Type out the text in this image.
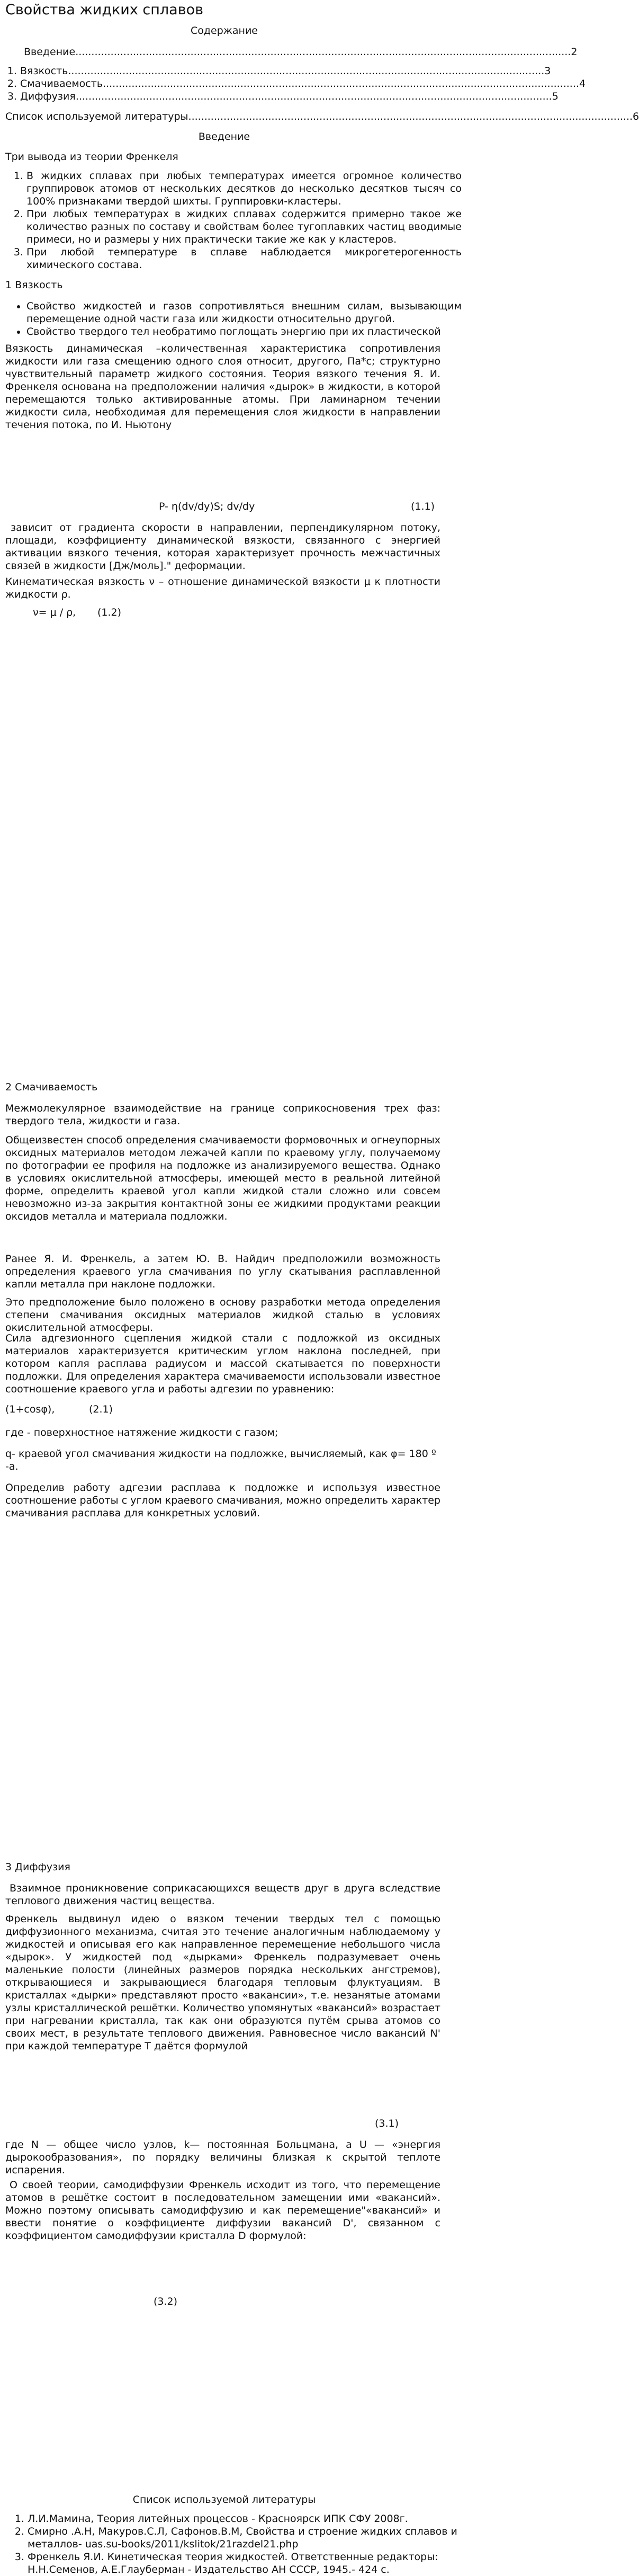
Свойства жидких сплавов
Содержание
Введение ........................................................................................................................................................... 2
1. Вязкость ..................................................................................................................................................... 3
2. Смачиваемость ..................................................................................................................................................... 4
3. Диффузия ..................................................................................................................................................... 5
Список используемой литературы ........................................................................................................................................... 6
Введение
Три вывода из теории Френкеля
1. В жидких сплавах при любых температурах имеется огромное количество группировок атомов от нескольких десятков до несколько десятков тысяч со 100% признаками твердой шихты. Группировки-кластеры.
2. При любых температурах в жидких сплавах содержится примерно такое же количество разных по составу и свойствам более тугоплавких частиц вводимые примеси, но и размеры у них практически такие же как у кластеров.
3. При любой температуре в сплаве наблюдается микрогетерогенность химического состава.
1 Вязкость
• Свойство жидкостей и газов сопротивляться внешним силам, вызывающим перемещение одной части газа или жидкости относительно другой.
• Свойство твердого тел необратимо поглощать энергию при их пластической

Вязкость динамическая –количественная характеристика сопротивления жидкости или газа смещению одного слоя относит, другого, Па*с; структурно чувствительный параметр жидкого состояния. Теория вязкого течения Я. И. Френкеля основана на предположении наличия «дырок» в жидкости, в которой перемещаются только активированные атомы. При ламинарном течении жидкости сила, необходимая для перемещения слоя жидкости в направлении течения потока, по И. Ньютону

P- η(dv/dy)S; dv/dy	(1.1)

зависит от градиента скорости в направлении, перпендикулярном потоку, площади, коэффициенту динамической вязкости, связанного с энергией активации вязкого течения, которая характеризует прочность межчастичных связей в жидкости [Дж/моль]." деформации.

Кинематическая вязкость ν – отношение динамической вязкости μ к плотности жидкости ρ.

ν= μ / ρ, (1.2)
2 Смачиваемость

Межмолекулярное взаимодействие на границе соприкосновения трех фаз: твердого тела, жидкости и газа.

Общеизвестен способ определения смачиваемости формовочных и огнеупорных оксидных материалов методом лежачей капли по краевому углу, получаемому по фотографии ее профиля на подложке из анализируемого вещества. Однако в условиях окислительной атмосферы, имеющей место в реальной литейной форме, определить краевой угол капли жидкой стали сложно или совсем невозможно из-за закрытия контактной зоны ее жидкими продуктами реакции оксидов металла и материала подложки.

Ранее Я. И. Френкель, а затем Ю. В. Найдич предположили возможность определения краевого угла смачивания по углу скатывания расплавленной капли металла при наклоне подложки.

Это предположение было положено в основу разработки метода определения степени смачивания оксидных материалов жидкой сталью в условиях окислительной атмосферы.

Сила адгезионного сцепления жидкой стали с подложкой из оксидных материалов характеризуется критическим углом наклона последней, при котором капля расплава радиусом и массой скатывается по поверхности подложки. Для определения характера смачиваемости использовали известное соотношение краевого угла и работы адгезии по уравнению:

(1+cosφ),	(2.1)

где - поверхностное натяжение жидкости с газом;

q- краевой угол смачивания жидкости на подложке, вычисляемый, как φ= 180 º -a.

Определив работу адгезии расплава к подложке и используя известное соотношение работы с углом краевого смачивания, можно определить характер смачивания расплава для конкретных условий.

3 Диффузия

Взаимное проникновение соприкасающихся веществ друг в друга вследствие теплового движения частиц вещества.

Френкель выдвинул идею о вязком течении твердых тел с помощью диффузионного механизма, считая это течение аналогичным наблюдаемому у жидкостей и описывая его как направленное перемещение небольшого числа «дырок». У жидкостей под «дырками» Френкель подразумевает очень маленькие полости (линейных размеров порядка нескольких ангстремов), открывающиеся и закрывающиеся благодаря тепловым флуктуациям. В кристаллах «дырки» представляют просто «вакансии», т.е. незанятые атомами узлы кристаллической решётки. Количество упомянутых «вакансий» возрастает при нагревании кристалла, так как они образуются путём срыва атомов со своих мест, в результате теплового движения. Равновесное число вакансий N' при каждой температуре T даётся формулой

(3.1)

где N — общее число узлов, k— постоянная Больцмана, а U — «энергия дырокообразования», по порядку величины близкая к скрытой теплоте испарения.

О своей теории, самодиффузии Френкель исходит из того, что перемещение атомов в решётке состоит в последовательном замещении ими «вакансий». Можно поэтому описывать самодиффузию и как перемещение"«вакансий» и ввести понятие о коэффициенте диффузии вакансий D', связанном с коэффициентом самодиффузии кристалла D формулой:

(3.2)
Список используемой литературы
1. Л.И.Мамина, Теория литейных процессов - Красноярск ИПК СФУ 2008г.
2. Смирно .А.Н, Макуров.С.Л, Сафонов.В.М, Свойства и строение жидких сплавов и металлов- uas.su-books/2011/kslitok/21razdel21.php
3. Френкель Я.И. Кинетическая теория жидкостей. Ответственные редакторы: Н.Н.Семенов, А.Е.Глауберман - Издательство АН СССР, 1945.- 424 с.
